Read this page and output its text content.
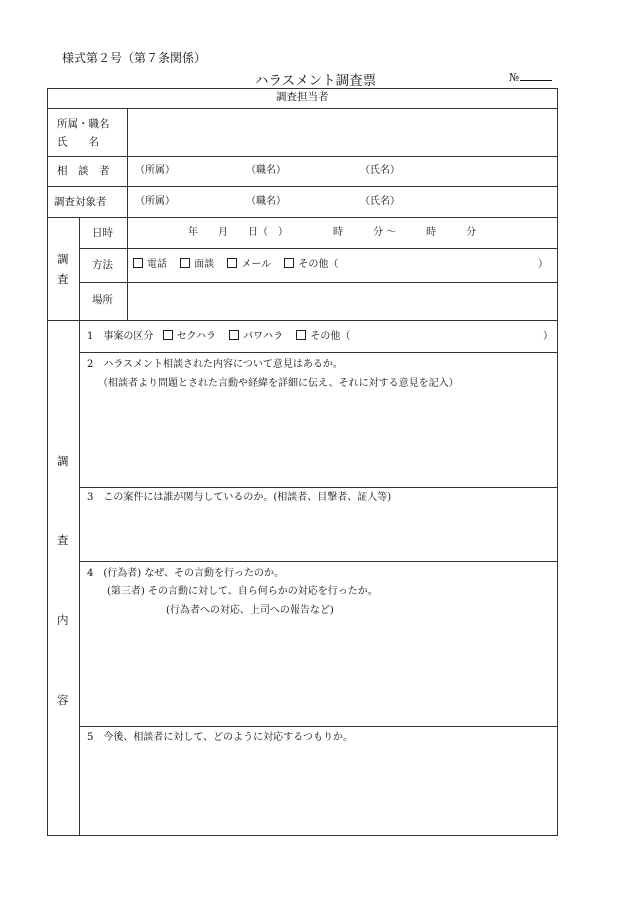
様式第２号（第７条関係）
ハラスメント調査票	№
調査担当者
所属・職名
氏　　名
相　談　者	（所属）	（職名）	（氏名）
調査対象者	（所属）	（職名）	（氏名）
調
査
日時	年　　月　　日（　）　　　　　時　　　分 〜　　　時　　　分
方法	電話	面談	メール	その他（	）
場所
調
査
内
容
1　事案の区分 セクハラ	パワハラ	その他（	）
2　ハラスメント相談された内容について意見はあるか。
（相談者より問題とされた言動や経緯を詳細に伝え、それに対する意見を記入）
3　この案件には誰が関与しているのか。(相談者、目撃者、証人等)
4　(行為者) なぜ、その言動を行ったのか。
(第三者) その言動に対して、自ら何らかの対応を行ったか。
(行為者への対応、上司への報告など)
5　今後、相談者に対して、どのように対応するつもりか。
